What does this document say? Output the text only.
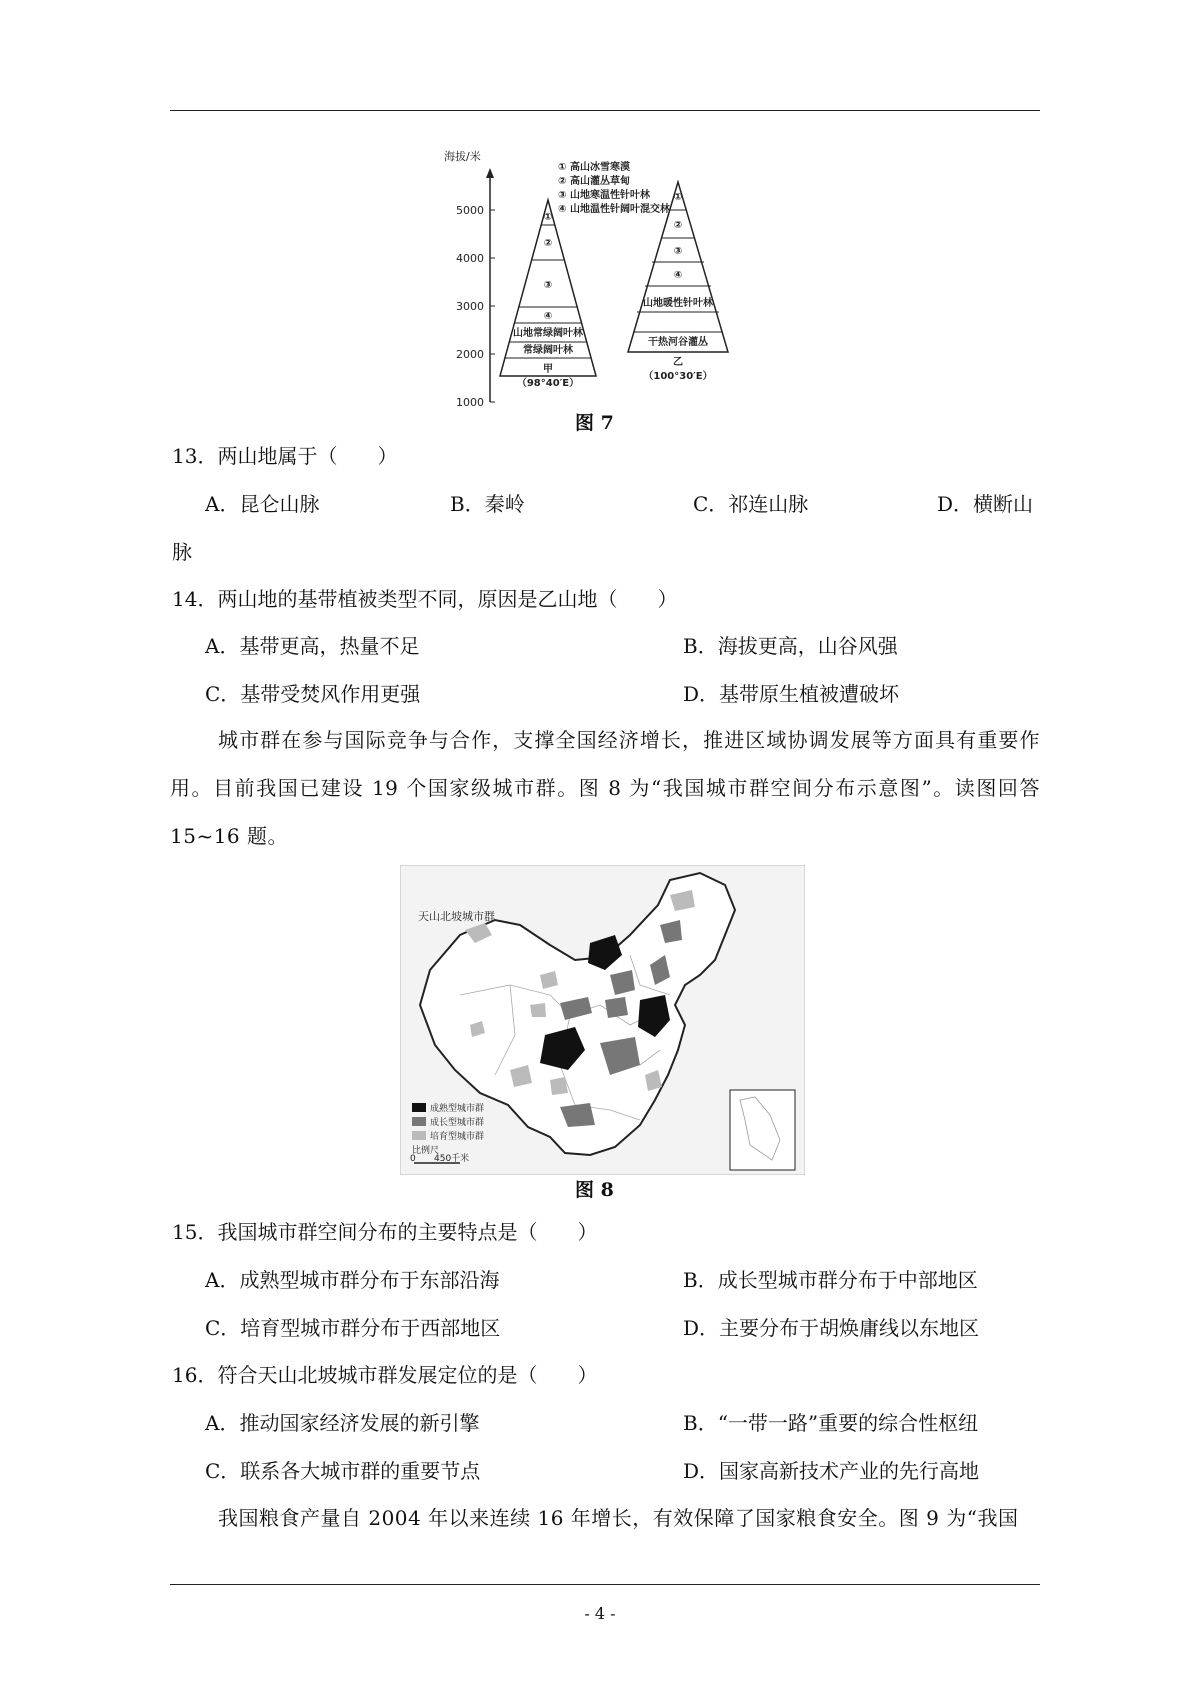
海拔/米
5000
4000
3000
2000
1000
① 高山冰雪寒漠
② 高山灌丛草甸
③ 山地寒温性针叶林
④ 山地温性针阔叶混交林
①
②
③
④
山地常绿阔叶林
常绿阔叶林
甲
（98°40′E）
①
②
③
④
山地暖性针叶林
干热河谷灌丛
乙
（100°30′E）
图 7
13．两山地属于（　　）
A．昆仑山脉	B．秦岭	C．祁连山脉	D．横断山
脉
14．两山地的基带植被类型不同，原因是乙山地（　　）
A．基带更高，热量不足	B．海拔更高，山谷风强
C．基带受焚风作用更强	D．基带原生植被遭破坏
城市群在参与国际竞争与合作，支撑全国经济增长，推进区域协调发展等方面具有重要作用。目前我国已建设 19 个国家级城市群。图 8 为“我国城市群空间分布示意图”。读图回答 15~16 题。
天山北坡城市群
成熟型城市群
成长型城市群
培育型城市群
比例尺
0 450千米
图 8
15．我国城市群空间分布的主要特点是（　　）
A．成熟型城市群分布于东部沿海	B．成长型城市群分布于中部地区
C．培育型城市群分布于西部地区	D．主要分布于胡焕庸线以东地区
16．符合天山北坡城市群发展定位的是（　　）
A．推动国家经济发展的新引擎	B．“一带一路”重要的综合性枢纽
C．联系各大城市群的重要节点	D．国家高新技术产业的先行高地
我国粮食产量自 2004 年以来连续 16 年增长，有效保障了国家粮食安全。图 9 为“我国
- 4 -
